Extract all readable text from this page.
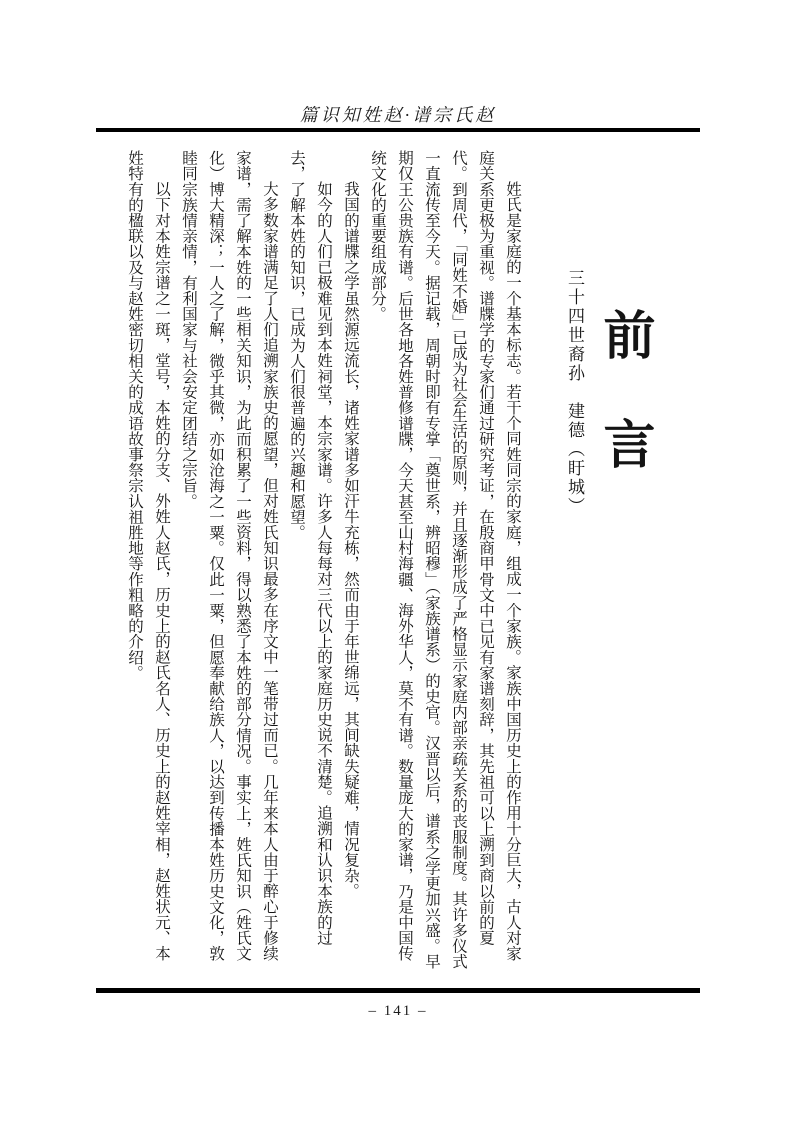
篇识知姓赵·谱宗氏赵
前言
三十四世裔孙　建德（盱城）

姓氏是家庭的一个基本标志。若干个同姓同宗的家庭，组成一个家族。家族中国历史上的作用十分巨大，古人对家庭关系更极为重视。谱牒学的专家们通过研究考证，在殷商甲骨文中已见有家谱刻辞，其先祖可以上溯到商以前的夏代。到周代，「同姓不婚」已成为社会生活的原则，并且逐渐形成了严格显示家庭内部亲疏关系的丧服制度。其许多仪式一直流传至今天。据记载，周朝时即有专掌「奠世系，辨昭穆」（家族谱系）的史官。汉晋以后，谱系之学更加兴盛。早期仅王公贵族有谱。后世各地各姓普修谱牒，今天甚至山村海疆、海外华人，莫不有谱。数量庞大的家谱，乃是中国传统文化的重要组成部分。

我国的谱牒之学虽然源远流长，诸姓家谱多如汗牛充栋，然而由于年世绵远，其间缺失疑难，情况复杂。

如今的人们已极难见到本姓祠堂，本宗家谱。许多人每每对三代以上的家庭历史说不清楚。追溯和认识本族的过去，了解本姓的知识，已成为人们很普遍的兴趣和愿望。

大多数家谱满足了人们追溯家族史的愿望，但对姓氏知识最多在序文中一笔带过而已。几年来本人由于醉心于修续家谱，需了解本姓的一些相关知识，为此而积累了一些资料，得以熟悉了本姓的部分情况。事实上，姓氏知识（姓氏文化）博大精深；一人之了解，微乎其微，亦如沧海之一粟。仅此一粟，但愿奉献给族人，以达到传播本姓历史文化，敦睦同宗族情亲情，有利国家与社会安定团结之宗旨。

以下对本姓宗谱之一斑，堂号，本姓的分支、外姓人赵氏，历史上的赵氏名人、历史上的赵姓宰相，赵姓状元、本姓特有的楹联以及与赵姓密切相关的成语故事祭宗认祖胜地等作粗略的介绍。

– 141 –
